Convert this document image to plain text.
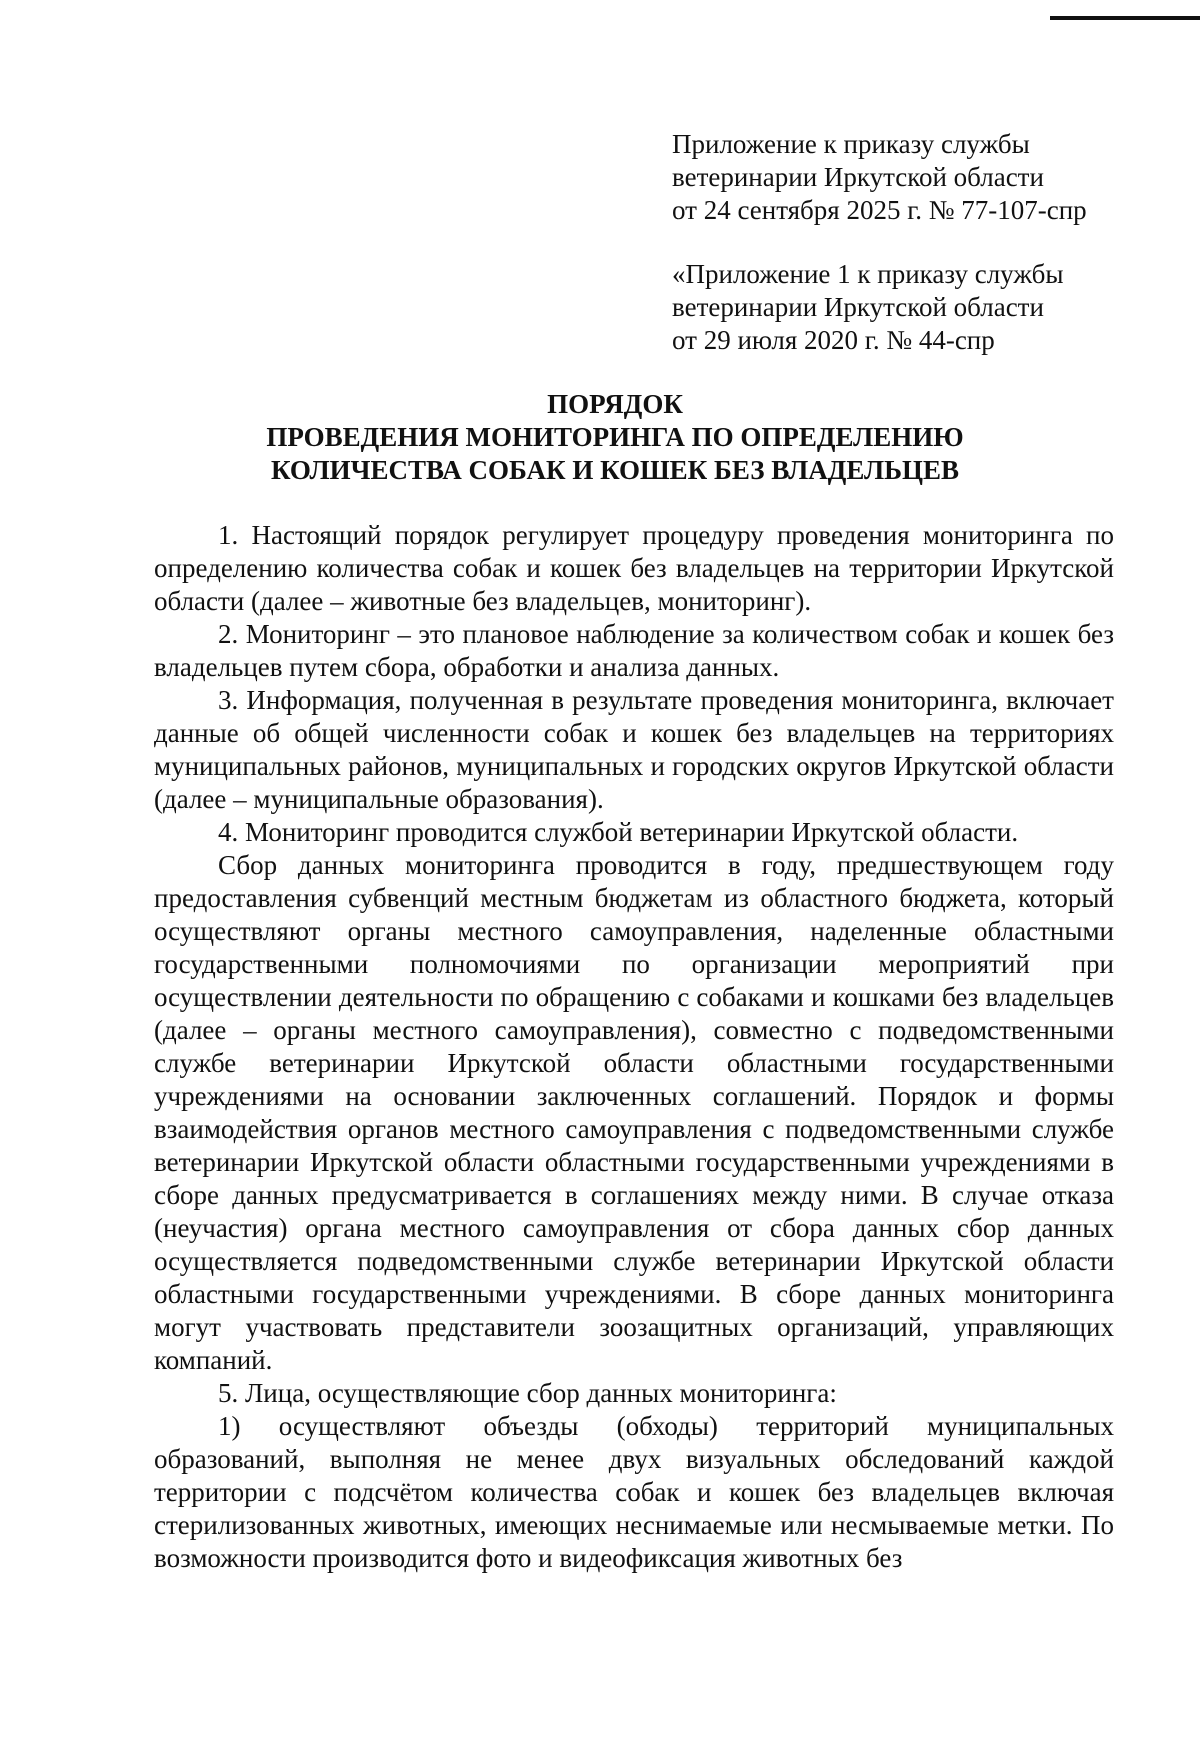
Приложение к приказу службы
ветеринарии Иркутской области
от 24 сентября 2025 г. № 77-107-спр
«Приложение 1 к приказу службы
ветеринарии Иркутской области
от 29 июля 2020 г. № 44-спр
ПОРЯДОК
ПРОВЕДЕНИЯ МОНИТОРИНГА ПО ОПРЕДЕЛЕНИЮ
КОЛИЧЕСТВА СОБАК И КОШЕК БЕЗ ВЛАДЕЛЬЦЕВ

1. Настоящий порядок регулирует процедуру проведения мониторинга по определению количества собак и кошек без владельцев на территории Иркутской области (далее – животные без владельцев, мониторинг).

2. Мониторинг – это плановое наблюдение за количеством собак и кошек без владельцев путем сбора, обработки и анализа данных.

3. Информация, полученная в результате проведения мониторинга, включает данные об общей численности собак и кошек без владельцев на территориях муниципальных районов, муниципальных и городских округов Иркутской области (далее – муниципальные образования).

4. Мониторинг проводится службой ветеринарии Иркутской области.

Сбор данных мониторинга проводится в году, предшествующем году предоставления субвенций местным бюджетам из областного бюджета, который осуществляют органы местного самоуправления, наделенные областными государственными полномочиями по организации мероприятий при осуществлении деятельности по обращению с собаками и кошками без владельцев (далее – органы местного самоуправления), совместно с подведомственными службе ветеринарии Иркутской области областными государственными учреждениями на основании заключенных соглашений. Порядок и формы взаимодействия органов местного самоуправления с подведомственными службе ветеринарии Иркутской области областными государственными учреждениями в сборе данных предусматривается в соглашениях между ними. В случае отказа (неучастия) органа местного самоуправления от сбора данных сбор данных осуществляется подведомственными службе ветеринарии Иркутской области областными государственными учреждениями. В сборе данных мониторинга могут участвовать представители зоозащитных организаций, управляющих компаний.

5. Лица, осуществляющие сбор данных мониторинга:

1) осуществляют объезды (обходы) территорий муниципальных образований, выполняя не менее двух визуальных обследований каждой территории с подсчётом количества собак и кошек без владельцев включая стерилизованных животных, имеющих неснимаемые или несмываемые метки. По возможности производится фото и видеофиксация животных без
